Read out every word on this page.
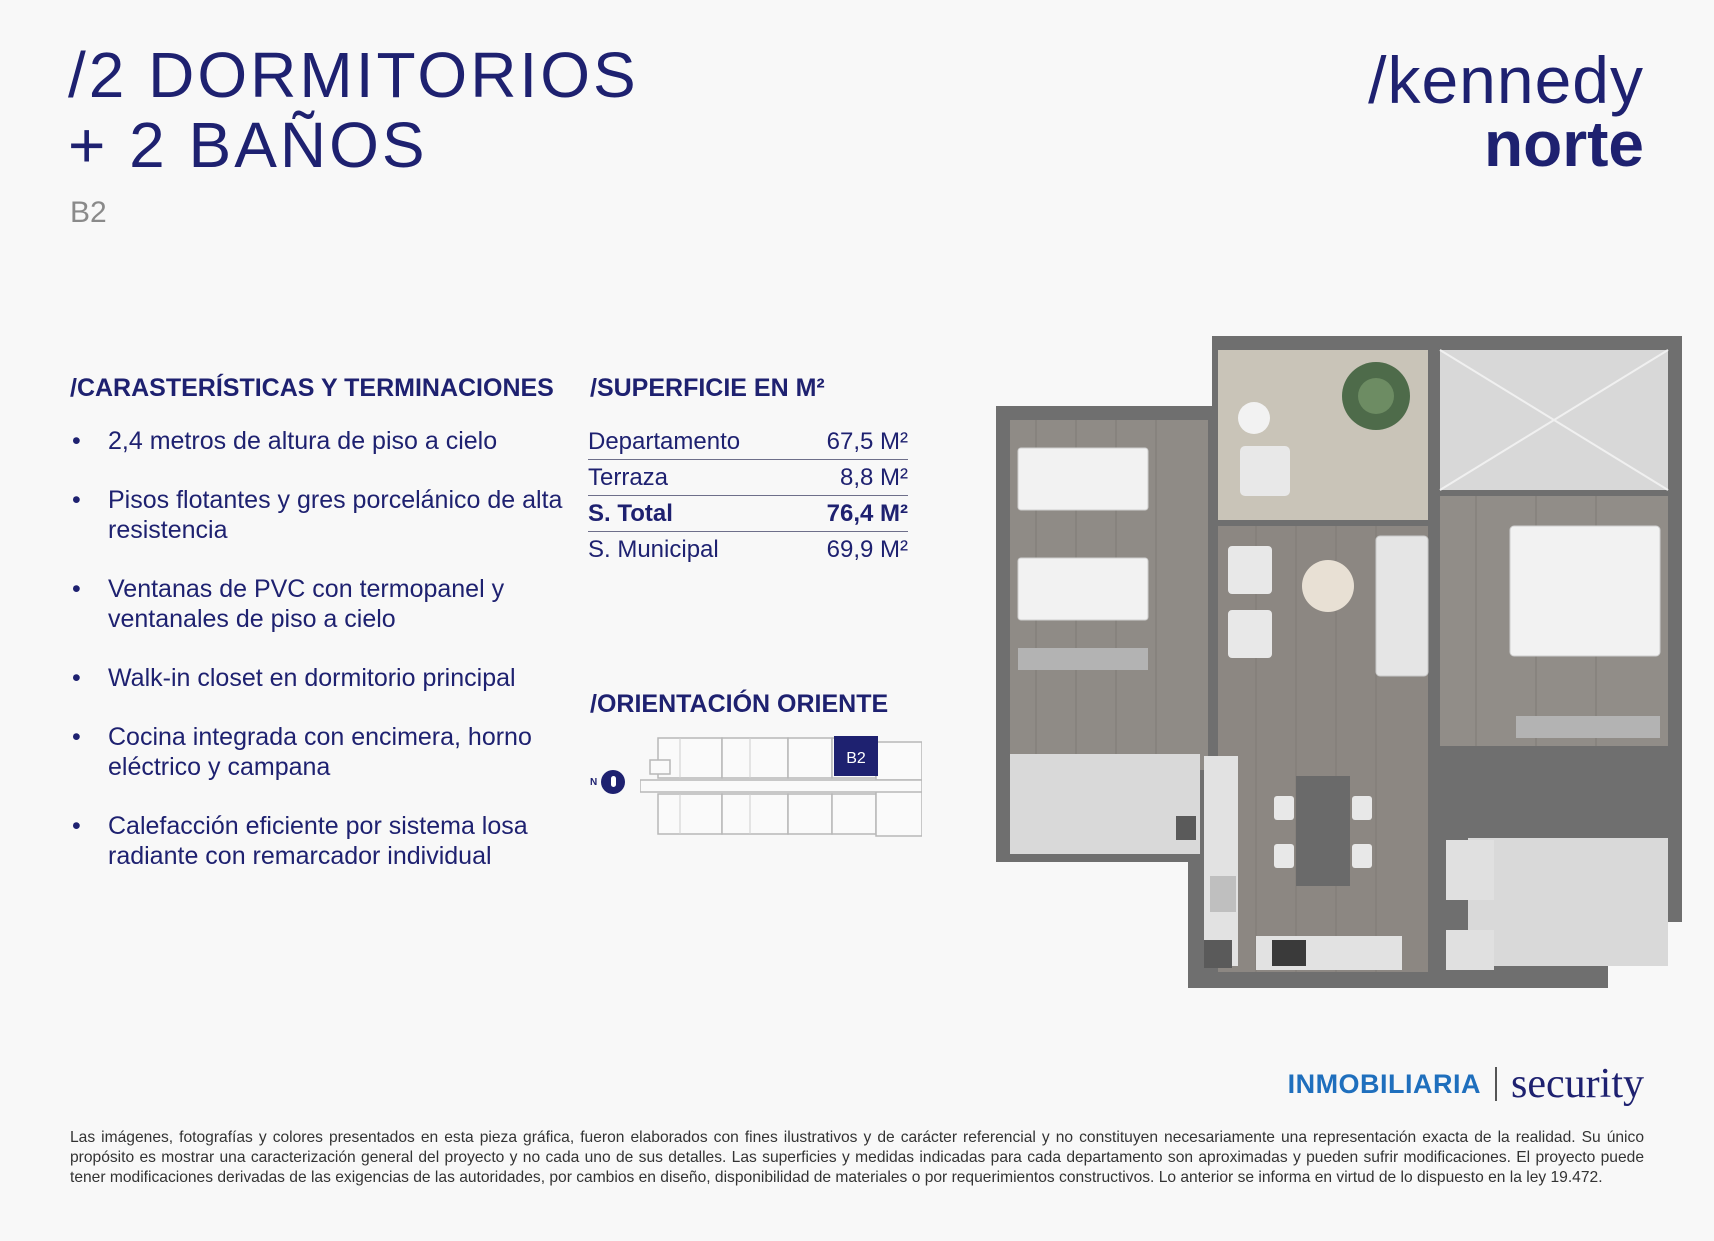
/2 DORMITORIOS
+ 2 BAÑOS
B2
/kennedy
norte
/CARASTERÍSTICAS Y TERMINACIONES
• 2,4 metros de altura de piso a cielo
• Pisos flotantes y gres porcelánico de alta resistencia
• Ventanas de PVC con termopanel y ventanales de piso a cielo
• Walk-in closet en dormitorio principal
• Cocina integrada con encimera, horno eléctrico y campana
• Calefacción eficiente por sistema losa radiante con remarcador individual
/SUPERFICIE EN M²
Departamento	67,5 M²
Terraza	8,8 M²
S. Total	76,4 M²
S. Municipal	69,9 M²
/ORIENTACIÓN ORIENTE
N
B2
INMOBILIARIA security

Las imágenes, fotografías y colores presentados en esta pieza gráfica, fueron elaborados con fines ilustrativos y de carácter referencial y no constituyen necesariamente una representación exacta de la realidad. Su único propósito es mostrar una caracterización general del proyecto y no cada uno de sus detalles. Las superficies y medidas indicadas para cada departamento son aproximadas y pueden sufrir modificaciones. El proyecto puede tener modificaciones derivadas de las exigencias de las autoridades, por cambios en diseño, disponibilidad de materiales o por requerimientos constructivos. Lo anterior se informa en virtud de lo dispuesto en la ley 19.472.
